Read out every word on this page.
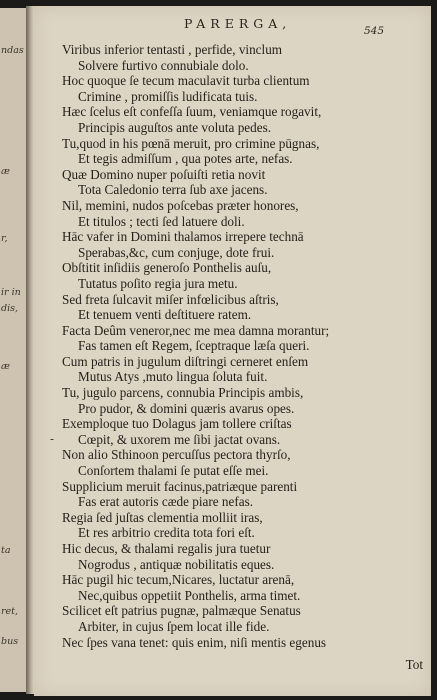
ndas
æ
r,
ir in
dis,
æ
ta
ret,
bus
PARERGA,	545
Viribus inferior tentasti , perfide, vinclum
Solvere furtivo connubiale dolo.
Hoc quoque ſe tecum maculavit turba clientum
Crimine , promiſſis ludificata tuis.
Hæc ſcelus eſt confeſſa ſuum, veniamque rogavit,
Principis auguſtos ante voluta pedes.
Tu,quod in his pœnā meruit, pro crimine pūgnas,
Et tegis admiſſum , qua potes arte, nefas.
Quæ Domino nuper poſuiſti retia novit
Tota Caledonio terra ſub axe jacens.
Nil, memini, nudos poſcebas præter honores,
Et titulos ; tecti ſed latuere doli.
Hāc vafer in Domini thalamos irrepere technā
Sperabas,&c, cum conjuge, dote frui.
Obſtitit inſidiis generoſo Ponthelis auſu,
Tutatus poſito regia jura metu.
Sed freta ſulcavit miſer infœlicibus aſtris,
Et tenuem venti deſtituere ratem.
Facta Deûm veneror,nec me mea damna morantur;
Fas tamen eſt Regem, ſceptraque læſa queri.
Cum patris in jugulum diſtringi cerneret enſem
Mutus Atys ,muto lingua ſoluta fuit.
Tu, jugulo parcens, connubia Principis ambis,
Pro pudor, & domini quæris avarus opes.
Exemploque tuo Dolagus jam tollere criſtas
Cœpit, & uxorem me ſibi jactat ovans.
Non alio Sthinoon percuſſus pectora thyrſo,
Conſortem thalami ſe putat eſſe mei.
Supplicium meruit facinus,patriæque parenti
Fas erat autoris cæde piare nefas.
Regia ſed juſtas clementia molliit iras,
Et res arbitrio credita tota fori eſt.
Hic decus, & thalami regalis jura tuetur
Nogrodus , antiquæ nobilitatis eques.
Hāc pugil hic tecum,Nicares, luctatur arenā,
Nec,quibus oppetiit Ponthelis, arma timet.
Scilicet eſt patrius pugnæ, palmæque Senatus
Arbiter, in cujus ſpem locat ille fide.
Nec ſpes vana tenet: quis enim, niſi mentis egenus
-
Tot
